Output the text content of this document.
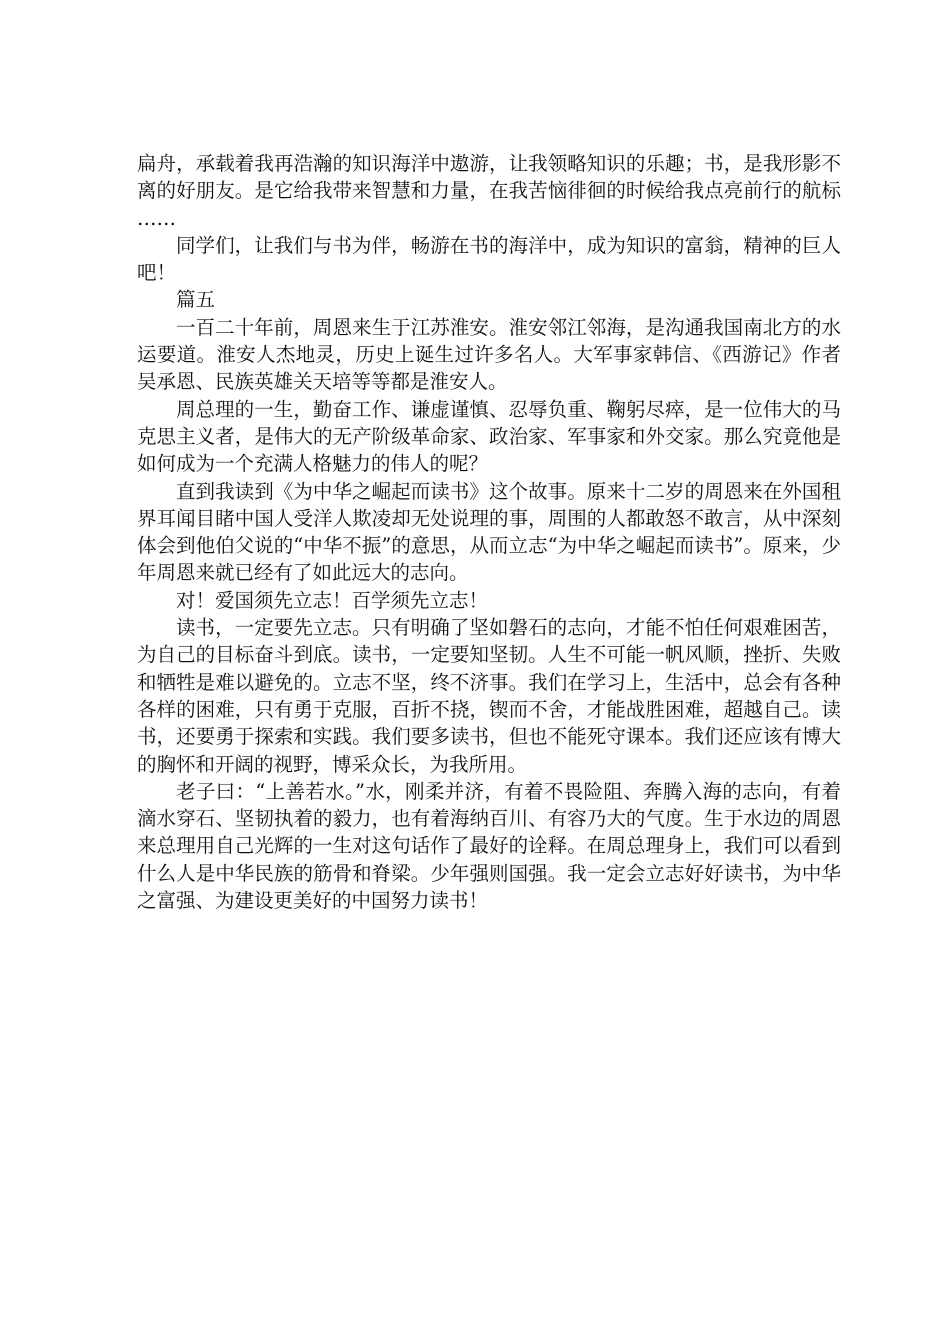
扁舟，承载着我再浩瀚的知识海洋中遨游，让我领略知识的乐趣；书，是我形影不离的好朋友。是它给我带来智慧和力量，在我苦恼徘徊的时候给我点亮前行的航标……

同学们，让我们与书为伴，畅游在书的海洋中，成为知识的富翁，精神的巨人吧！

篇五

一百二十年前，周恩来生于江苏淮安。淮安邻江邻海，是沟通我国南北方的水运要道。淮安人杰地灵，历史上诞生过许多名人。大军事家韩信、《西游记》作者吴承恩、民族英雄关天培等等都是淮安人。

周总理的一生，勤奋工作、谦虚谨慎、忍辱负重、鞠躬尽瘁，是一位伟大的马克思主义者，是伟大的无产阶级革命家、政治家、军事家和外交家。那么究竟他是如何成为一个充满人格魅力的伟人的呢？

直到我读到《为中华之崛起而读书》这个故事。原来十二岁的周恩来在外国租界耳闻目睹中国人受洋人欺凌却无处说理的事，周围的人都敢怒不敢言，从中深刻体会到他伯父说的“中华不振”的意思，从而立志“为中华之崛起而读书”。原来，少年周恩来就已经有了如此远大的志向。

对！爱国须先立志！百学须先立志！

读书，一定要先立志。只有明确了坚如磐石的志向，才能不怕任何艰难困苦，为自己的目标奋斗到底。读书，一定要知坚韧。人生不可能一帆风顺，挫折、失败和牺牲是难以避免的。立志不坚，终不济事。我们在学习上，生活中，总会有各种各样的困难，只有勇于克服，百折不挠，锲而不舍，才能战胜困难，超越自己。读书，还要勇于探索和实践。我们要多读书，但也不能死守课本。我们还应该有博大的胸怀和开阔的视野，博采众长，为我所用。

老子曰：“上善若水。”水，刚柔并济，有着不畏险阻、奔腾入海的志向，有着滴水穿石、坚韧执着的毅力，也有着海纳百川、有容乃大的气度。生于水边的周恩来总理用自己光辉的一生对这句话作了最好的诠释。在周总理身上，我们可以看到什么人是中华民族的筋骨和脊梁。少年强则国强。我一定会立志好好读书，为中华之富强、为建设更美好的中国努力读书！
